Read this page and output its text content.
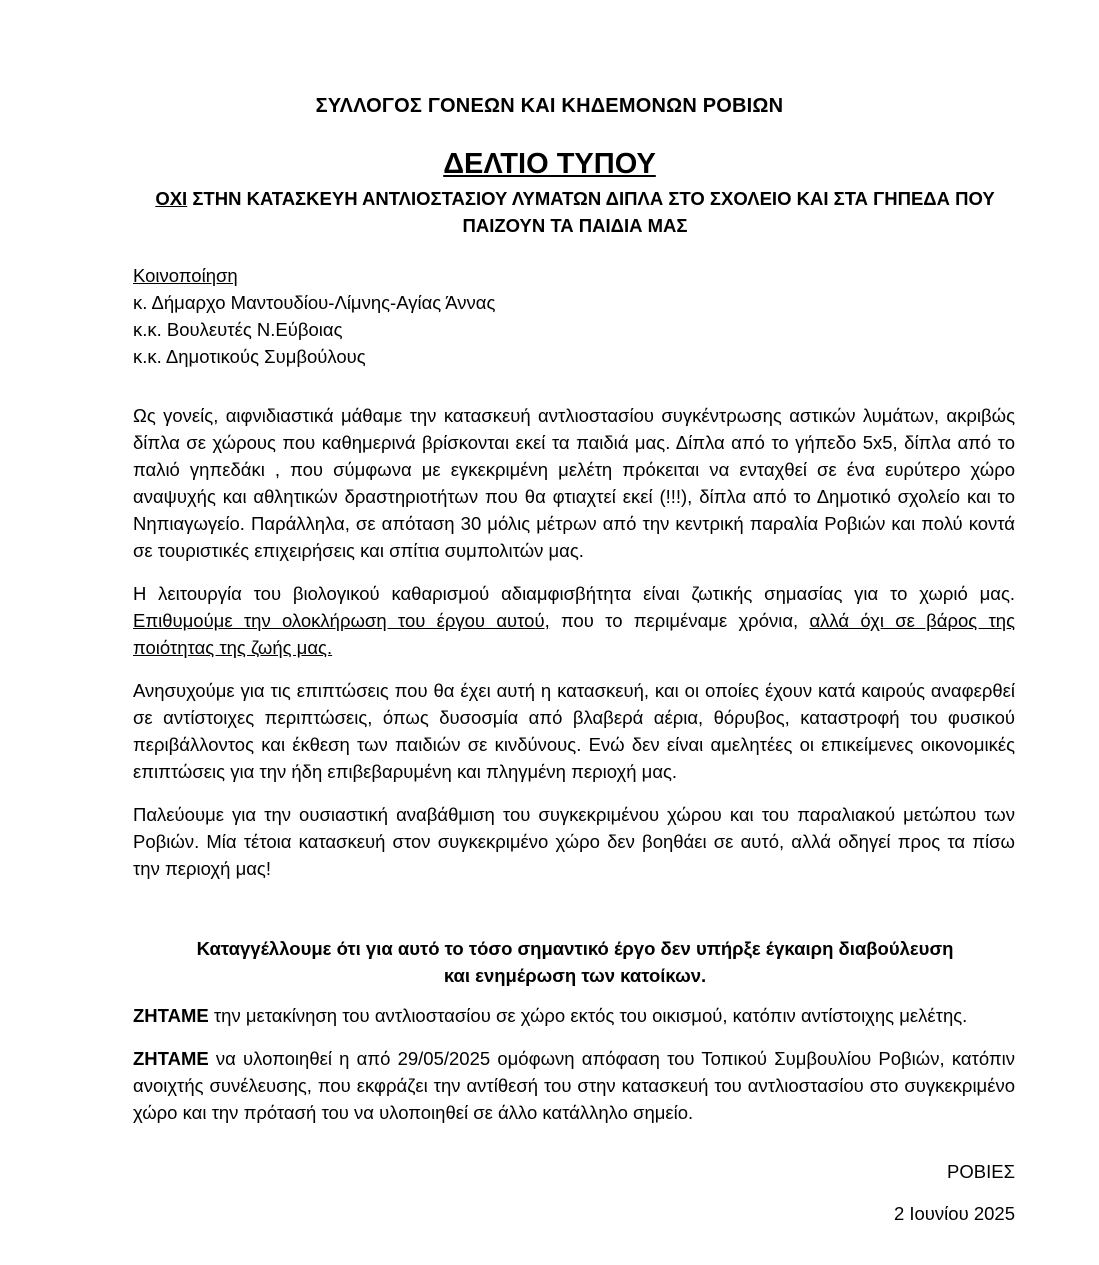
ΣΥΛΛΟΓΟΣ ΓΟΝΕΩΝ ΚΑΙ ΚΗΔΕΜΟΝΩΝ ΡΟΒΙΩΝ
ΔΕΛΤΙΟ ΤΥΠΟΥ
ΟΧΙ ΣΤΗΝ ΚΑΤΑΣΚΕΥΗ ΑΝΤΛΙΟΣΤΑΣΙΟΥ ΛΥΜΑΤΩΝ ΔΙΠΛΑ ΣΤΟ ΣΧΟΛΕΙΟ ΚΑΙ ΣΤΑ ΓΗΠΕΔΑ ΠΟΥ ΠΑΙΖΟΥΝ ΤΑ ΠΑΙΔΙΑ ΜΑΣ
Κοινοποίηση
κ. Δήμαρχο Μαντουδίου-Λίμνης-Αγίας Άννας
κ.κ. Βουλευτές Ν.Εύβοιας
κ.κ. Δημοτικούς Συμβούλους

Ως γονείς, αιφνιδιαστικά μάθαμε την κατασκευή αντλιοστασίου συγκέντρωσης αστικών λυμάτων, ακριβώς δίπλα σε χώρους που καθημερινά βρίσκονται εκεί τα παιδιά μας. Δίπλα από το γήπεδο 5x5, δίπλα από το παλιό γηπεδάκι , που σύμφωνα με εγκεκριμένη μελέτη πρόκειται να ενταχθεί σε ένα ευρύτερο χώρο αναψυχής και αθλητικών δραστηριοτήτων που θα φτιαχτεί εκεί (!!!), δίπλα από το Δημοτικό σχολείο και το Νηπιαγωγείο. Παράλληλα, σε απόταση 30 μόλις μέτρων από την κεντρική παραλία Ροβιών και πολύ κοντά σε τουριστικές επιχειρήσεις και σπίτια συμπολιτών μας.

Η λειτουργία του βιολογικού καθαρισμού αδιαμφισβήτητα είναι ζωτικής σημασίας για το χωριό μας. Επιθυμούμε την ολοκλήρωση του έργου αυτού, που το περιμέναμε χρόνια, αλλά όχι σε βάρος της ποιότητας της ζωής μας.

Ανησυχούμε για τις επιπτώσεις που θα έχει αυτή η κατασκευή, και οι οποίες έχουν κατά καιρούς αναφερθεί σε αντίστοιχες περιπτώσεις, όπως δυσοσμία από βλαβερά αέρια, θόρυβος, καταστροφή του φυσικού περιβάλλοντος και έκθεση των παιδιών σε κινδύνους. Ενώ δεν είναι αμελητέες οι επικείμενες οικονομικές επιπτώσεις για την ήδη επιβεβαρυμένη και πληγμένη περιοχή μας.

Παλεύουμε για την ουσιαστική αναβάθμιση του συγκεκριμένου χώρου και του παραλιακού μετώπου των Ροβιών. Μία τέτοια κατασκευή στον συγκεκριμένο χώρο δεν βοηθάει σε αυτό, αλλά οδηγεί προς τα πίσω την περιοχή μας!

Καταγγέλλουμε ότι για αυτό το τόσο σημαντικό έργο δεν υπήρξε έγκαιρη διαβούλευση
και ενημέρωση των κατοίκων.

ΖΗΤΑΜΕ την μετακίνηση του αντλιοστασίου σε χώρο εκτός του οικισμού, κατόπιν αντίστοιχης μελέτης.

ΖΗΤΑΜΕ να υλοποιηθεί η από 29/05/2025 ομόφωνη απόφαση του Τοπικού Συμβουλίου Ροβιών, κατόπιν ανοιχτής συνέλευσης, που εκφράζει την αντίθεσή του στην κατασκευή του αντλιοστασίου στο συγκεκριμένο χώρο και την πρότασή του να υλοποιηθεί σε άλλο κατάλληλο σημείο.

ΡΟΒΙΕΣ
2 Ιουνίου 2025
